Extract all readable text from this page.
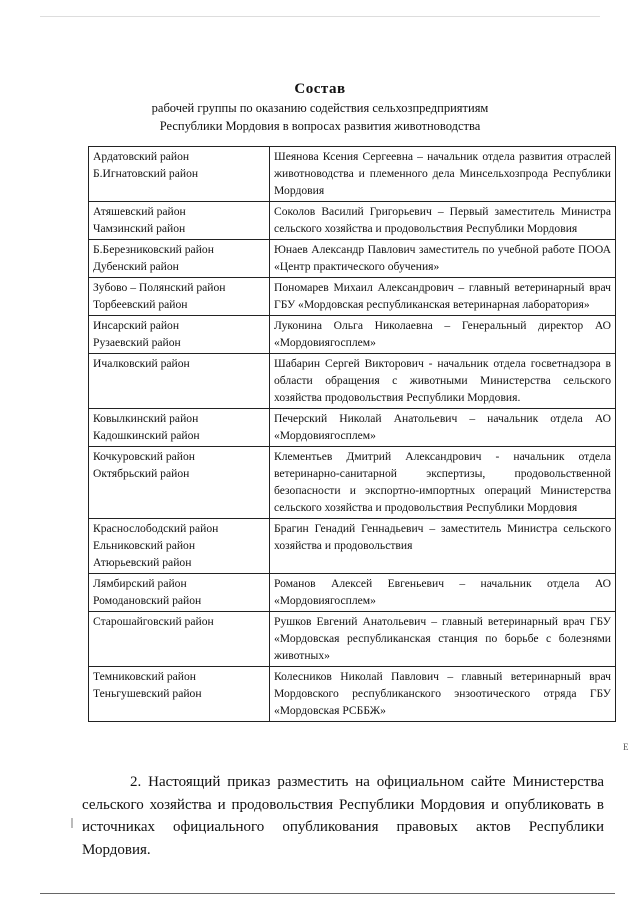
Состав
рабочей группы по оказанию содействия сельхозпредприятиям
Республики Мордовия в вопросах развития животноводства
Ардатовский район
Б.Игнатовский район	Шеянова Ксения Сергеевна – начальник отдела развития отраслей животноводства и племенного дела Минсельхозпрода Республики Мордовия

Атяшевский район
Чамзинский район	Соколов Василий Григорьевич – Первый заместитель Министра сельского хозяйства и продовольствия Республики Мордовия

Б.Березниковский район
Дубенский район	Юнаев Александр Павлович заместитель по учебной работе ПООА «Центр практического обучения»

Зубово – Полянский район
Торбеевский район	Пономарев Михаил Александрович – главный ветеринарный врач ГБУ «Мордовская республиканская ветеринарная лаборатория»

Инсарский район
Рузаевский район	Луконина Ольга Николаевна – Генеральный директор АО «Мордовиягосплем»

Ичалковский район	Шабарин Сергей Викторович - начальник отдела госветнадзора в области обращения с животными Министерства сельского хозяйства продовольствия Республики Мордовия.

Ковылкинский район
Кадошкинский район	Печерский Николай Анатольевич – начальник отдела АО «Мордовиягосплем»

Кочкуровский район
Октябрьский район	Клементьев Дмитрий Александрович - начальник отдела ветеринарно-санитарной экспертизы, продовольственной безопасности и экспортно-импортных операций Министерства сельского хозяйства и продовольствия Республики Мордовия

Краснослободский район
Ельниковский район
Атюрьевский район	Брагин Генадий Геннадьевич – заместитель Министра сельского хозяйства и продовольствия

Лямбирский район
Ромодановский район	Романов Алексей Евгеньевич – начальник отдела АО «Мордовиягосплем»

Старошайговский район	Рушков Евгений Анатольевич – главный ветеринарный врач ГБУ «Мордовская республиканская станция по борьбе с болезнями животных»

Темниковский район
Теньгушевский район	Колесников Николай Павлович – главный ветеринарный врач Мордовского республиканского энзоотического отряда ГБУ «Мордовская РСББЖ»
Е
2. Настоящий приказ разместить на официальном сайте Министерства сельского хозяйства и продовольствия Республики Мордовия и опубликовать в источниках официального опубликования правовых актов Республики Мордовия.
